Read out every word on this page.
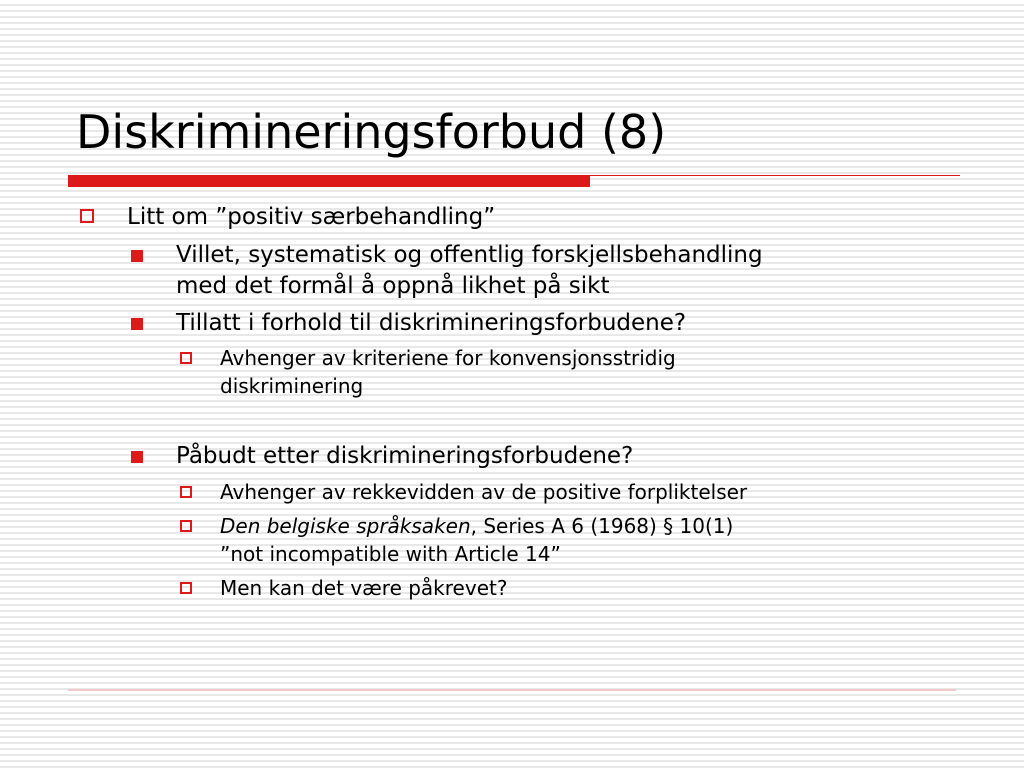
Diskrimineringsforbud (8)
Litt om ”positiv særbehandling”
Villet, systematisk og offentlig forskjellsbehandling
med det formål å oppnå likhet på sikt
Tillatt i forhold til diskrimineringsforbudene?
Avhenger av kriteriene for konvensjonsstridig
diskriminering
Påbudt etter diskrimineringsforbudene?
Avhenger av rekkevidden av de positive forpliktelser
Den belgiske språksaken, Series A 6 (1968) § 10(1)
”not incompatible with Article 14”
Men kan det være påkrevet?
